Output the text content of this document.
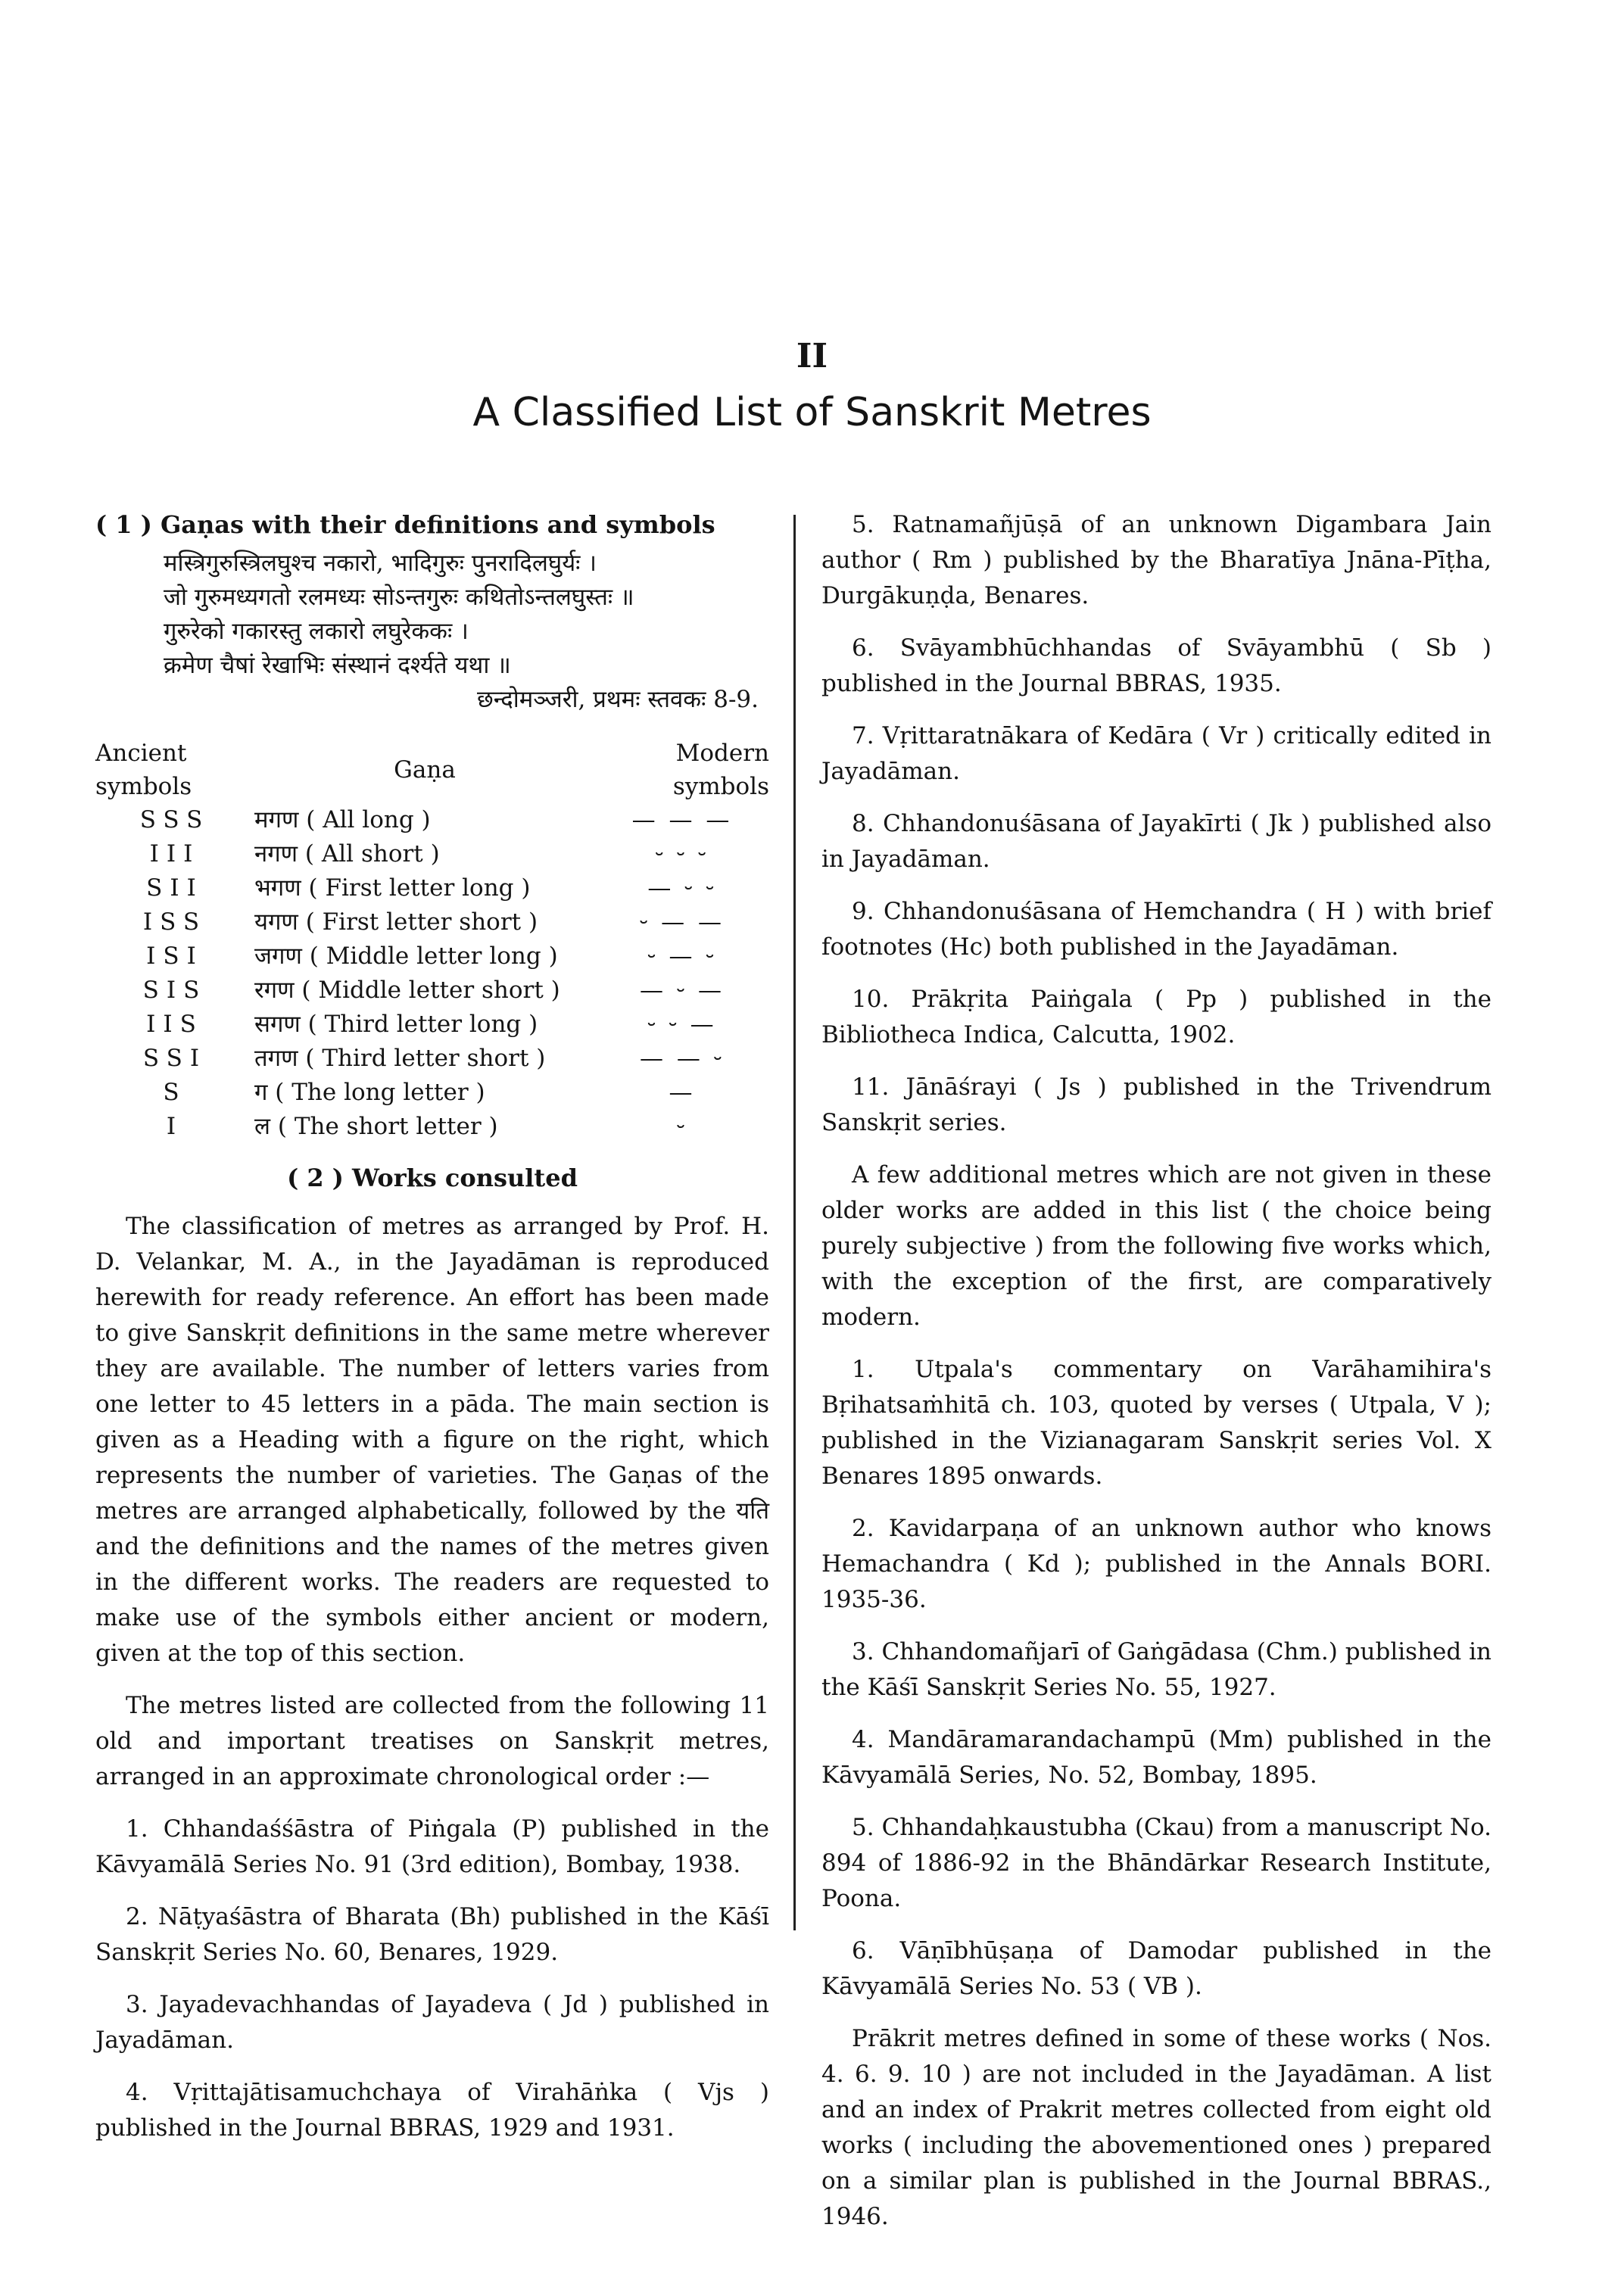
II
A Classified List of Sanskrit Metres

( 1 ) Gaṇas with their definitions and symbols

मस्त्रिगुरुस्त्रिलघुश्च नकारो, भादिगुरुः पुनरादिलघुर्यः ।
जो गुरुमध्यगतो रलमध्यः सोऽन्तगुरुः कथितोऽन्तलघुस्तः ॥
गुरुरेको गकारस्तु लकारो लघुरेककः ।
क्रमेण चैषां रेखाभिः संस्थानं दर्श्यते यथा ॥
छन्दोमञ्जरी, प्रथमः स्तवकः 8-9.
Ancient symbols	Gaṇa	Modern symbols
SSS	मगण ( All long )	— — —
III	नगण ( All short )	⏑ ⏑ ⏑
SII	भगण ( First letter long )	— ⏑ ⏑
ISS	यगण ( First letter short )	⏑ — —
ISI	जगण ( Middle letter long )	⏑ — ⏑
SIS	रगण ( Middle letter short )	— ⏑ —
IIS	सगण ( Third letter long )	⏑ ⏑ —
SSI	तगण ( Third letter short )	— — ⏑
S	ग ( The long letter )	—
I	ल ( The short letter )	⏑

( 2 ) Works consulted

The classification of metres as arranged by Prof. H. D. Velankar, M. A., in the Jayadāman is reproduced herewith for ready reference. An effort has been made to give Sanskṛit definitions in the same metre wherever they are available. The number of letters varies from one letter to 45 letters in a pāda. The main section is given as a Heading with a figure on the right, which represents the number of varieties. The Gaṇas of the metres are arranged alphabetically, followed by the यति and the definitions and the names of the metres given in the different works. The readers are requested to make use of the symbols either ancient or modern, given at the top of this section.

The metres listed are collected from the following 11 old and important treatises on Sanskṛit metres, arranged in an approximate chronological order :—

1. Chhandaśśāstra of Piṅgala (P) published in the Kāvyamālā Series No. 91 (3rd edition), Bombay, 1938.

2. Nāṭyaśāstra of Bharata (Bh) published in the Kāśī Sanskṛit Series No. 60, Benares, 1929.

3. Jayadevachhandas of Jayadeva ( Jd ) published in Jayadāman.

4. Vṛittajātisamuchchaya of Virahāṅka ( Vjs ) published in the Journal BBRAS, 1929 and 1931.

5. Ratnamañjūṣā of an unknown Digambara Jain author ( Rm ) published by the Bharatīya Jnāna-Pīṭha, Durgākuṇḍa, Benares.

6. Svāyambhūchhandas of Svāyambhū ( Sb ) published in the Journal BBRAS, 1935.

7. Vṛittaratnākara of Kedāra ( Vr ) critically edited in Jayadāman.

8. Chhandonuśāsana of Jayakīrti ( Jk ) published also in Jayadāman.

9. Chhandonuśāsana of Hemchandra ( H ) with brief footnotes (Hc) both published in the Jayadāman.

10. Prākṛita Paiṅgala ( Pp ) published in the Bibliotheca Indica, Calcutta, 1902.

11. Jānāśrayi ( Js ) published in the Trivendrum Sanskṛit series.

A few additional metres which are not given in these older works are added in this list ( the choice being purely subjective ) from the following five works which, with the exception of the first, are comparatively modern.

1. Utpala's commentary on Varāhamihira's Bṛihatsaṁhitā ch. 103, quoted by verses ( Utpala, V ); published in the Vizianagaram Sanskṛit series Vol. X Benares 1895 onwards.

2. Kavidarpaṇa of an unknown author who knows Hemachandra ( Kd ); published in the Annals BORI. 1935-36.

3. Chhandomañjarī of Gaṅgādasa (Chm.) published in the Kāśī Sanskṛit Series No. 55, 1927.

4. Mandāramarandachampū (Mm) published in the Kāvyamālā Series, No. 52, Bombay, 1895.

5. Chhandaḥkaustubha (Ckau) from a manuscript No. 894 of 1886-92 in the Bhāndārkar Research Institute, Poona.

6. Vāṇībhūṣaṇa of Damodar published in the Kāvyamālā Series No. 53 ( VB ).

Prākrit metres defined in some of these works ( Nos. 4. 6. 9. 10 ) are not included in the Jayadāman. A list and an index of Prakrit metres collected from eight old works ( including the abovementioned ones ) prepared on a similar plan is published in the Journal BBRAS., 1946.
